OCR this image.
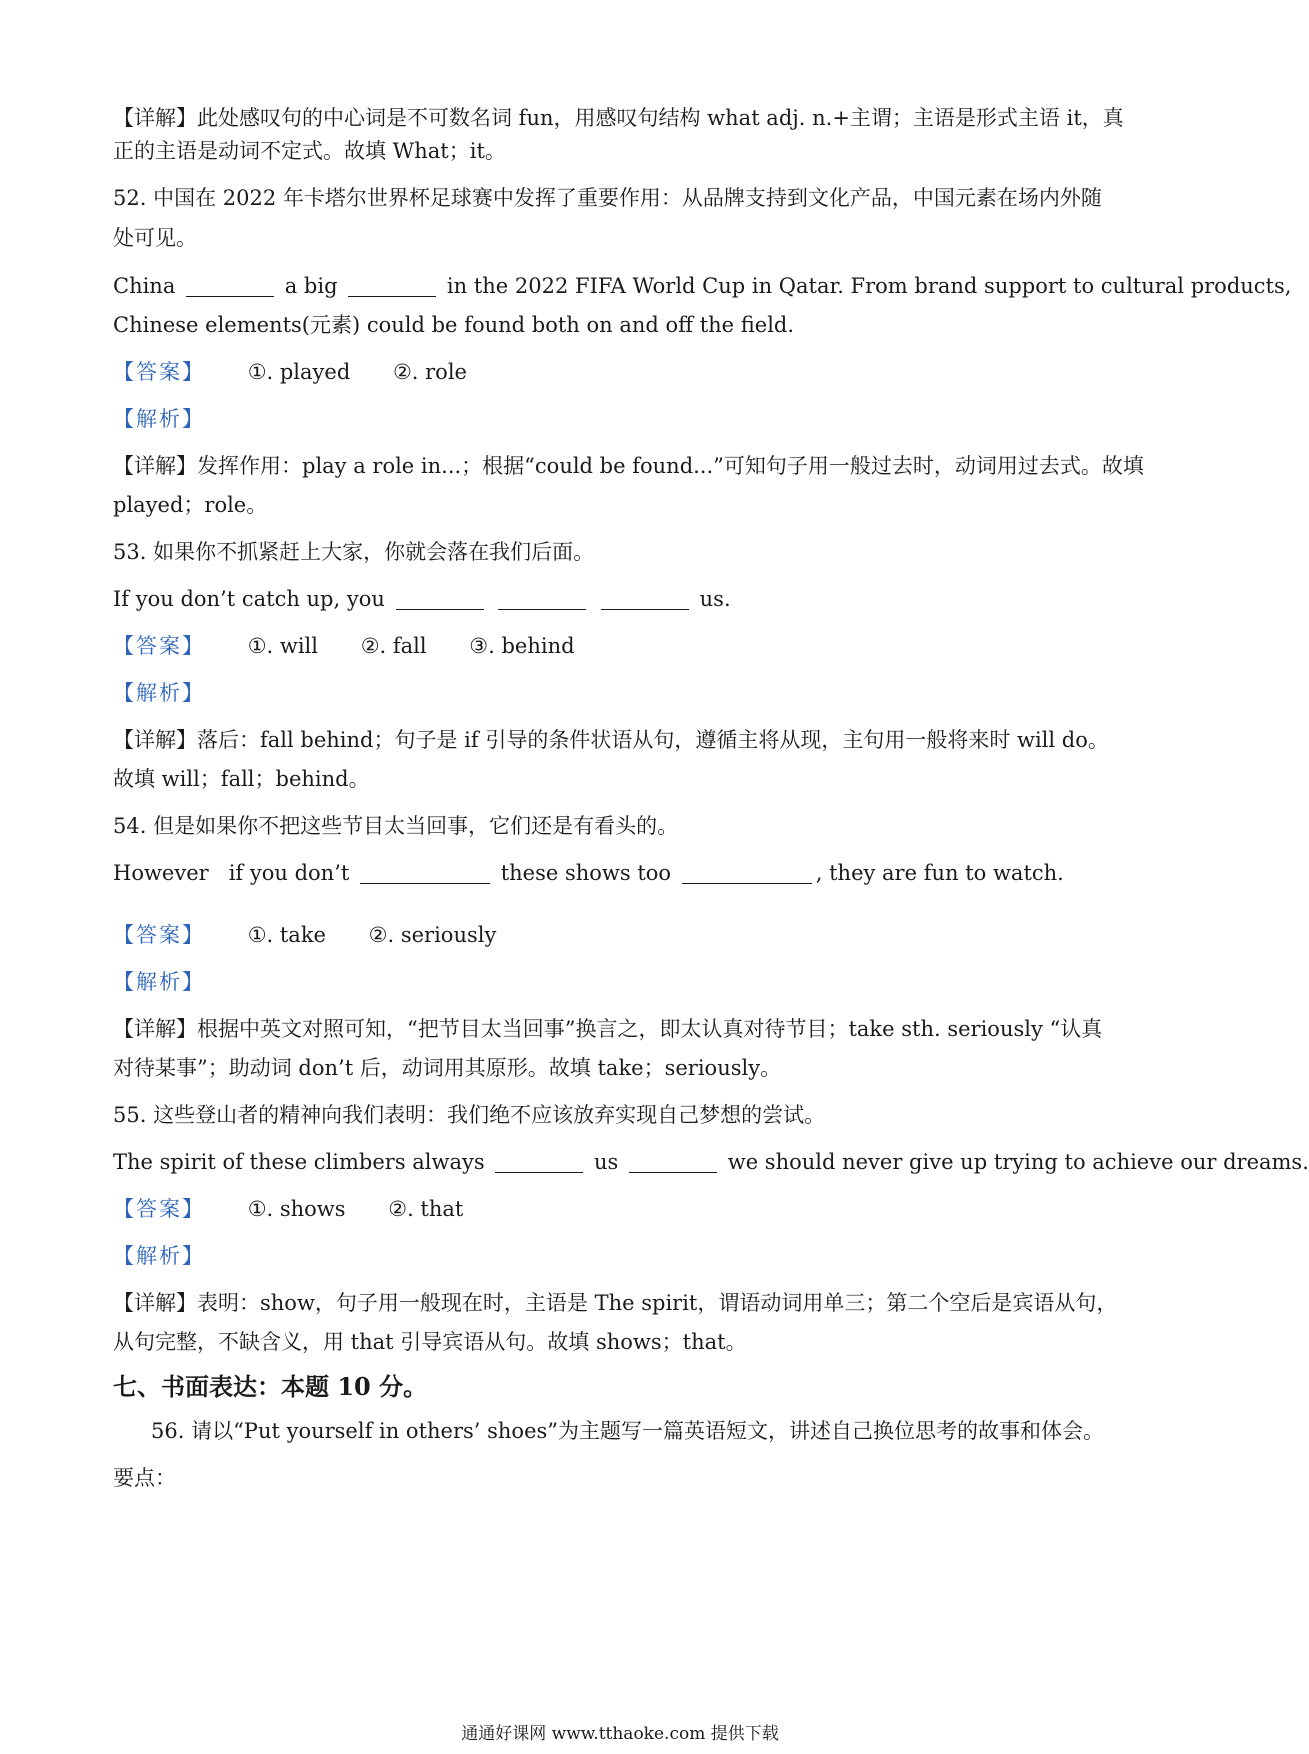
【详解】此处感叹句的中心词是不可数名词 fun，用感叹句结构 what adj. n.+主谓；主语是形式主语 it，真
正的主语是动词不定式。故填 What；it。
52. 中国在 2022 年卡塔尔世界杯足球赛中发挥了重要作用：从品牌支持到文化产品，中国元素在场内外随
处可见。
China	a big	in the 2022 FIFA World Cup in Qatar. From brand support to cultural products,
Chinese elements(元素) could be found both on and off the field.
【答案】 ①. played ②. role
【解析】
【详解】发挥作用：play a role in...；根据“could be found...”可知句子用一般过去时，动词用过去式。故填
played；role。
53. 如果你不抓紧赶上大家，你就会落在我们后面。
If you don’t catch up, you	us.
【答案】 ①. will ②. fall ③. behind
【解析】
【详解】落后：fall behind；句子是 if 引导的条件状语从句，遵循主将从现，主句用一般将来时 will do。
故填 will；fall；behind。
54. 但是如果你不把这些节目太当回事，它们还是有看头的。
However   if you don’t	these shows too	, they are fun to watch.
【答案】 ①. take ②. seriously
【解析】
【详解】根据中英文对照可知，“把节目太当回事”换言之，即太认真对待节目；take sth. seriously “认真
对待某事”；助动词 don’t 后，动词用其原形。故填 take；seriously。
55. 这些登山者的精神向我们表明：我们绝不应该放弃实现自己梦想的尝试。
The spirit of these climbers always	us	we should never give up trying to achieve our dreams.
【答案】 ①. shows ②. that
【解析】
【详解】表明：show，句子用一般现在时，主语是 The spirit，谓语动词用单三；第二个空后是宾语从句，
从句完整，不缺含义，用 that 引导宾语从句。故填 shows；that。
七、书面表达：本题 10 分。
56. 请以“Put yourself in others’ shoes”为主题写一篇英语短文，讲述自己换位思考的故事和体会。
要点：
通通好课网 www.tthaoke.com 提供下载
